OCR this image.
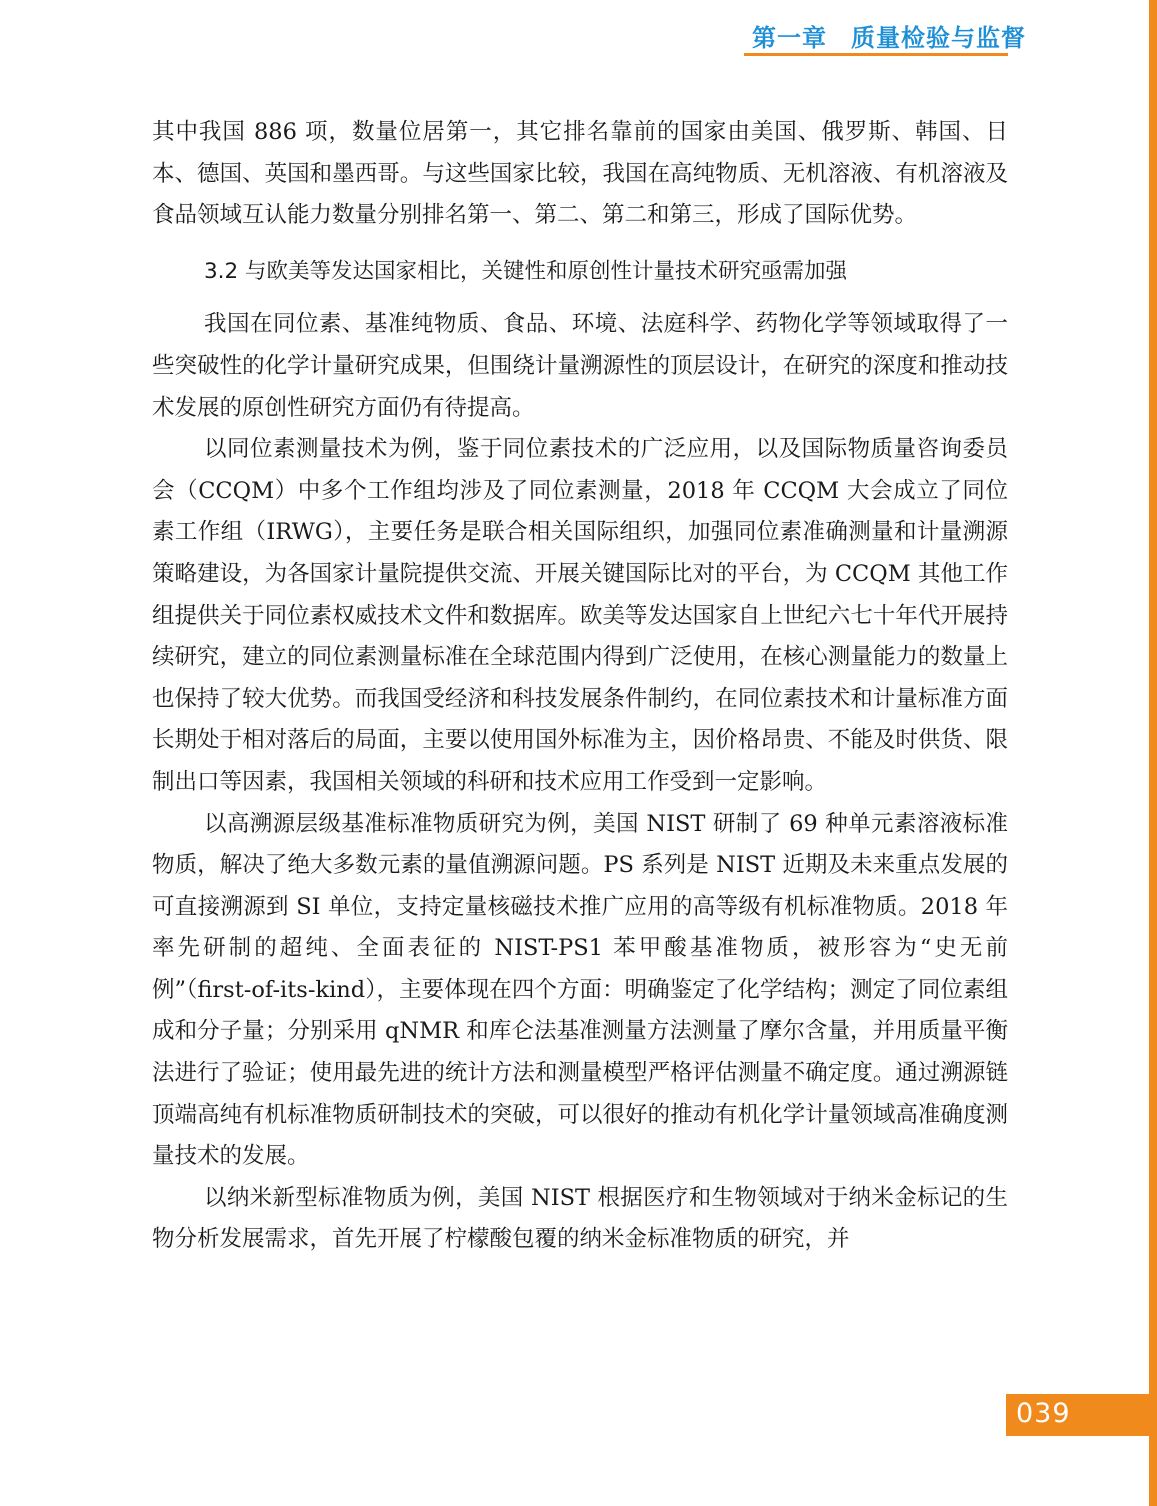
第一章 质量检验与监督

其中我国 886 项，数量位居第一，其它排名靠前的国家由美国、俄罗斯、韩国、日本、德国、英国和墨西哥。与这些国家比较，我国在高纯物质、无机溶液、有机溶液及食品领域互认能力数量分别排名第一、第二、第二和第三，形成了国际优势。

3.2 与欧美等发达国家相比，关键性和原创性计量技术研究亟需加强

我国在同位素、基准纯物质、食品、环境、法庭科学、药物化学等领域取得了一些突破性的化学计量研究成果，但围绕计量溯源性的顶层设计，在研究的深度和推动技术发展的原创性研究方面仍有待提高。

以同位素测量技术为例，鉴于同位素技术的广泛应用，以及国际物质量咨询委员会（CCQM）中多个工作组均涉及了同位素测量，2018 年 CCQM 大会成立了同位素工作组（IRWG），主要任务是联合相关国际组织，加强同位素准确测量和计量溯源策略建设，为各国家计量院提供交流、开展关键国际比对的平台，为 CCQM 其他工作组提供关于同位素权威技术文件和数据库。欧美等发达国家自上世纪六七十年代开展持续研究，建立的同位素测量标准在全球范围内得到广泛使用，在核心测量能力的数量上也保持了较大优势。而我国受经济和科技发展条件制约，在同位素技术和计量标准方面长期处于相对落后的局面，主要以使用国外标准为主，因价格昂贵、不能及时供货、限制出口等因素，我国相关领域的科研和技术应用工作受到一定影响。

以高溯源层级基准标准物质研究为例，美国 NIST 研制了 69 种单元素溶液标准物质，解决了绝大多数元素的量值溯源问题。PS 系列是 NIST 近期及未来重点发展的可直接溯源到 SI 单位，支持定量核磁技术推广应用的高等级有机标准物质。2018 年率先研制的超纯、全面表征的 NIST-PS1 苯甲酸基准物质，被形容为“史无前例”（first-of-its-kind），主要体现在四个方面：明确鉴定了化学结构；测定了同位素组成和分子量；分别采用 qNMR 和库仑法基准测量方法测量了摩尔含量，并用质量平衡法进行了验证；使用最先进的统计方法和测量模型严格评估测量不确定度。通过溯源链顶端高纯有机标准物质研制技术的突破，可以很好的推动有机化学计量领域高准确度测量技术的发展。

以纳米新型标准物质为例，美国 NIST 根据医疗和生物领域对于纳米金标记的生物分析发展需求，首先开展了柠檬酸包覆的纳米金标准物质的研究，并

039
